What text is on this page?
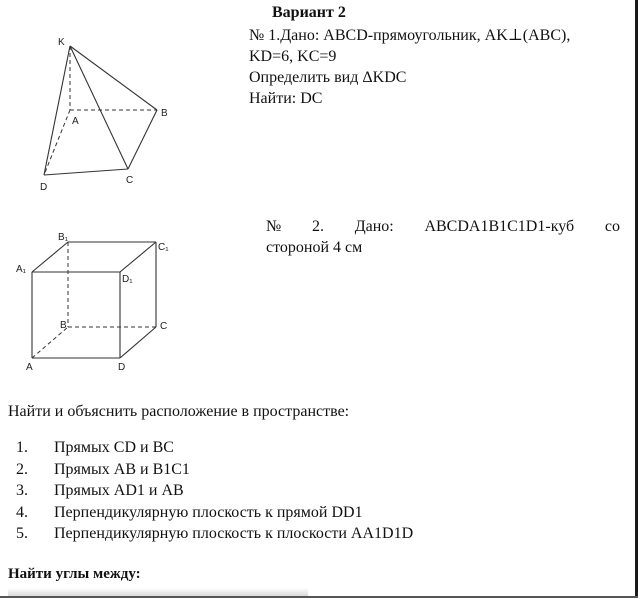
Вариант 2
№ 1.Дано: ABCD-прямоугольник, AK⊥(ABC),
KD=6, KC=9
Определить вид ΔKDC
Найти: DC
K
A
B
C
D
№ 2. Дано: ABCDA1B1C1D1-куб со
стороной 4 см
B₁
C₁
A₁
D₁
B	C
A	D
Найти и объяснить расположение в пространстве:
1.	Прямых CD и BC
2.	Прямых AB и B1C1
3.	Прямых AD1 и AB
4.	Перпендикулярную плоскость к прямой DD1
5.	Перпендикулярную плоскость к плоскости AA1D1D
Найти углы между:
